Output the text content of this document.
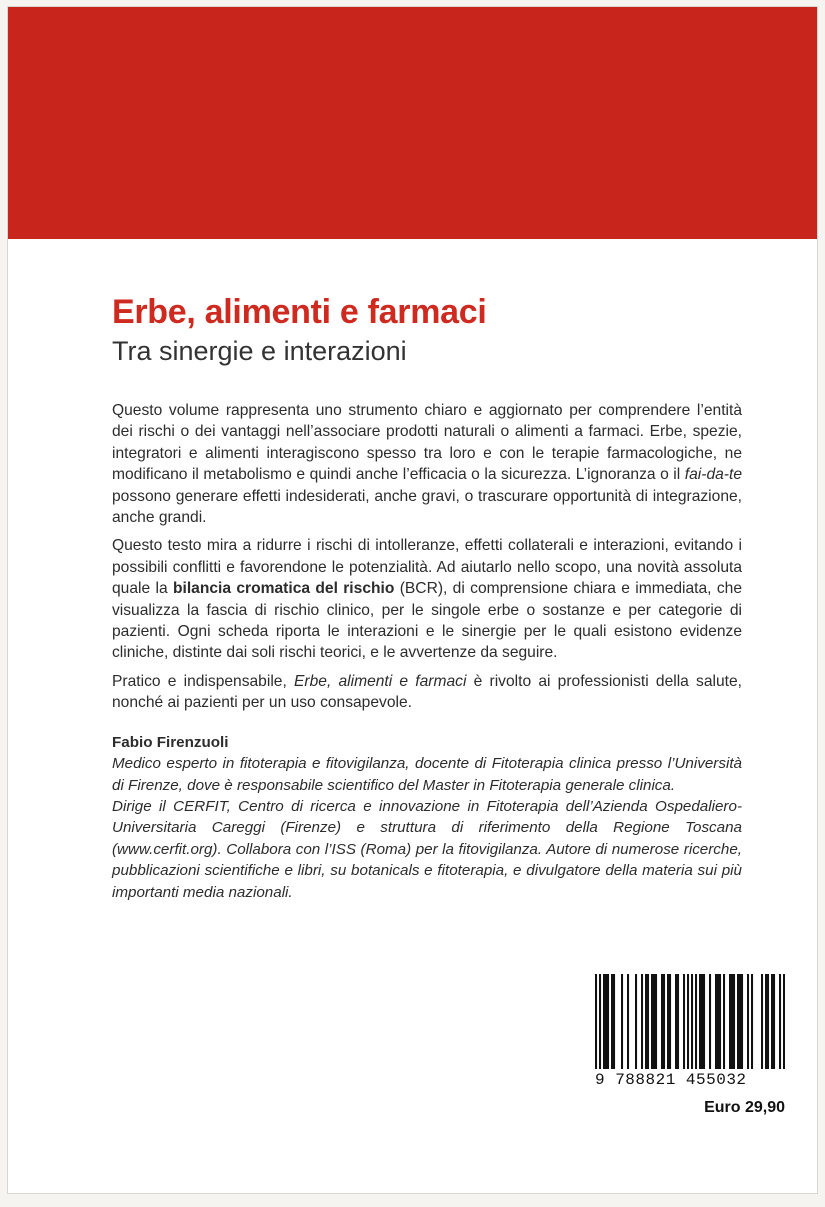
Erbe, alimenti e farmaci
Tra sinergie e interazioni

Questo volume rappresenta uno strumento chiaro e aggiornato per comprendere l’entità dei rischi o dei vantaggi nell’associare prodotti naturali o alimenti a farmaci. Erbe, spezie, integratori e alimenti interagiscono spesso tra loro e con le terapie farmacologiche, ne modificano il metabolismo e quindi anche l’efficacia o la sicurezza. L’ignoranza o il fai-da-te possono generare effetti indesiderati, anche gravi, o trascurare opportunità di integrazione, anche grandi.

Questo testo mira a ridurre i rischi di intolleranze, effetti collaterali e interazioni, evitando i possibili conflitti e favorendone le potenzialità. Ad aiutarlo nello scopo, una novità assoluta quale la bilancia cromatica del rischio (BCR), di comprensione chiara e immediata, che visualizza la fascia di rischio clinico, per le singole erbe o sostanze e per categorie di pazienti. Ogni scheda riporta le interazioni e le sinergie per le quali esistono evidenze cliniche, distinte dai soli rischi teorici, e le avvertenze da seguire.

Pratico e indispensabile, Erbe, alimenti e farmaci è rivolto ai professionisti della salute, nonché ai pazienti per un uso consapevole.

Fabio Firenzuoli

Medico esperto in fitoterapia e fitovigilanza, docente di Fitoterapia clinica presso l’Università di Firenze, dove è responsabile scientifico del Master in Fitoterapia generale clinica.

Dirige il CERFIT, Centro di ricerca e innovazione in Fitoterapia dell’Azienda Ospedaliero-Universitaria Careggi (Firenze) e struttura di riferimento della Regione Toscana (www.cerfit.org). Collabora con l’ISS (Roma) per la fitovigilanza. Autore di numerose ricerche, pubblicazioni scientifiche e libri, su botanicals e fitoterapia, e divulgatore della materia sui più importanti media nazionali.

9 788821 455032
Euro 29,90
